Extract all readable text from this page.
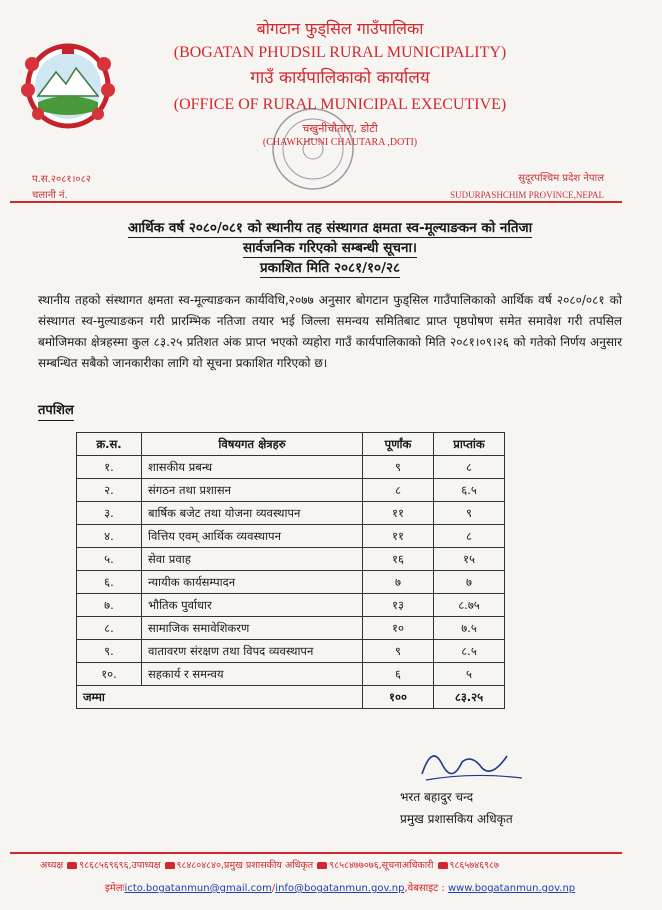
बोगटान फुड्सिल गाउँपालिका
(BOGATAN PHUDSIL RURAL MUNICIPALITY)
गाउँ कार्यपालिकाको कार्यालय
(OFFICE OF RURAL MUNICIPAL EXECUTIVE)
चखुनीचौतारा, डोटी
(CHAWKHUNI CHAUTARA ,DOTI)
प.स.२०८१।०८२
चलानी नं.
सुदूरपश्चिम प्रदेश नेपाल
SUDURPASHCHIM PROVINCE,NEPAL
आर्थिक वर्ष २०८०/०८१ को स्थानीय तह संस्थागत क्षमता स्व-मूल्याङकन को नतिजा
सार्वजनिक गरिएको सम्बन्धी सूचना।
प्रकाशित मिति २०८१/१०/२८
स्थानीय तहको संस्थागत क्षमता स्व-मूल्याङकन कार्यविधि,२०७७ अनुसार बोगटान फुड्सिल गाउँपालिकाको आर्थिक वर्ष २०८०/०८१ को संस्थागत स्व-मुल्याङकन गरी प्रारम्भिक नतिजा तयार भई जिल्ला समन्वय समितिबाट प्राप्त पृष्ठपोषण समेत समावेश गरी तपसिल बमोजिमका क्षेत्रहस्मा कुल ८३.२५ प्रतिशत अंक प्राप्त भएको व्यहोरा गाउँ कार्यपालिकाको मिति २०८१।०९।२६ को गतेको निर्णय अनुसार सम्बन्धित सबैको जानकारीका लागि यो सूचना प्रकाशित गरिएको छ।
तपशिल
क्र.स.	विषयगत क्षेत्रहरु	पूर्णांक	प्राप्तांक
१.	शासकीय प्रबन्ध	९	८
२.	संगठन तथा प्रशासन	८	६.५
३.	बार्षिक बजेट तथा योजना व्यवस्थापन	११	९
४.	वित्तिय एवम् आर्थिक व्यवस्थापन	११	८
५.	सेवा प्रवाह	१६	१५
६.	न्यायीक कार्यसम्पादन	७	७
७.	भौतिक पुर्वाधार	१३	८.७५
८.	सामाजिक समावेशिकरण	१०	७.५
९.	वातावरण संरक्षण तथा विपद व्यवस्थापन	९	८.५
१०.	सहकार्य र समन्वय	६	५
जम्मा		१००	८३.२५
भरत बहादुर चन्द
प्रमुख प्रशासकिय अधिकृत
अध्यक्ष ९८६८५६९६९६,उपाध्यक्ष ९८४८०४८४०,प्रमुख प्रशासकीय अधिकृत ९८५८४७७०७६,सूचनाअधिकारी ९८६५७४६९८७
इमेलःicto.bogatanmun@gmail.com/info@bogatanmun.gov.np,वेबसाइट : www.bogatanmun.gov.np
